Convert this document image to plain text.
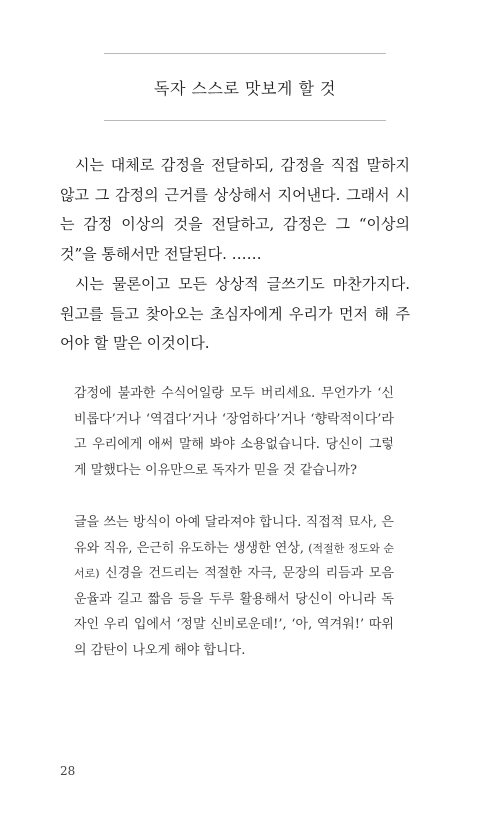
독자 스스로 맛보게 할 것

시는 대체로 감정을 전달하되, 감정을 직접 말하지 않고 그 감정의 근거를 상상해서 지어낸다. 그래서 시는 감정 이상의 것을 전달하고, 감정은 그 “이상의 것”을 통해서만 전달된다. ……

시는 물론이고 모든 상상적 글쓰기도 마찬가지다. 원고를 들고 찾아오는 초심자에게 우리가 먼저 해 주어야 할 말은 이것이다.

감정에 불과한 수식어일랑 모두 버리세요. 무언가가 ‘신비롭다’거나 ‘역겹다’거나 ‘장엄하다’거나 ‘향락적이다’라고 우리에게 애써 말해 봐야 소용없습니다. 당신이 그렇게 말했다는 이유만으로 독자가 믿을 것 같습니까?

글을 쓰는 방식이 아예 달라져야 합니다. 직접적 묘사, 은유와 직유, 은근히 유도하는 생생한 연상, (적절한 정도와 순서로) 신경을 건드리는 적절한 자극, 문장의 리듬과 모음운율과 길고 짧음 등을 두루 활용해서 당신이 아니라 독자인 우리 입에서 ‘정말 신비로운데!’, ‘아, 역겨워!’ 따위의 감탄이 나오게 해야 합니다.

28
